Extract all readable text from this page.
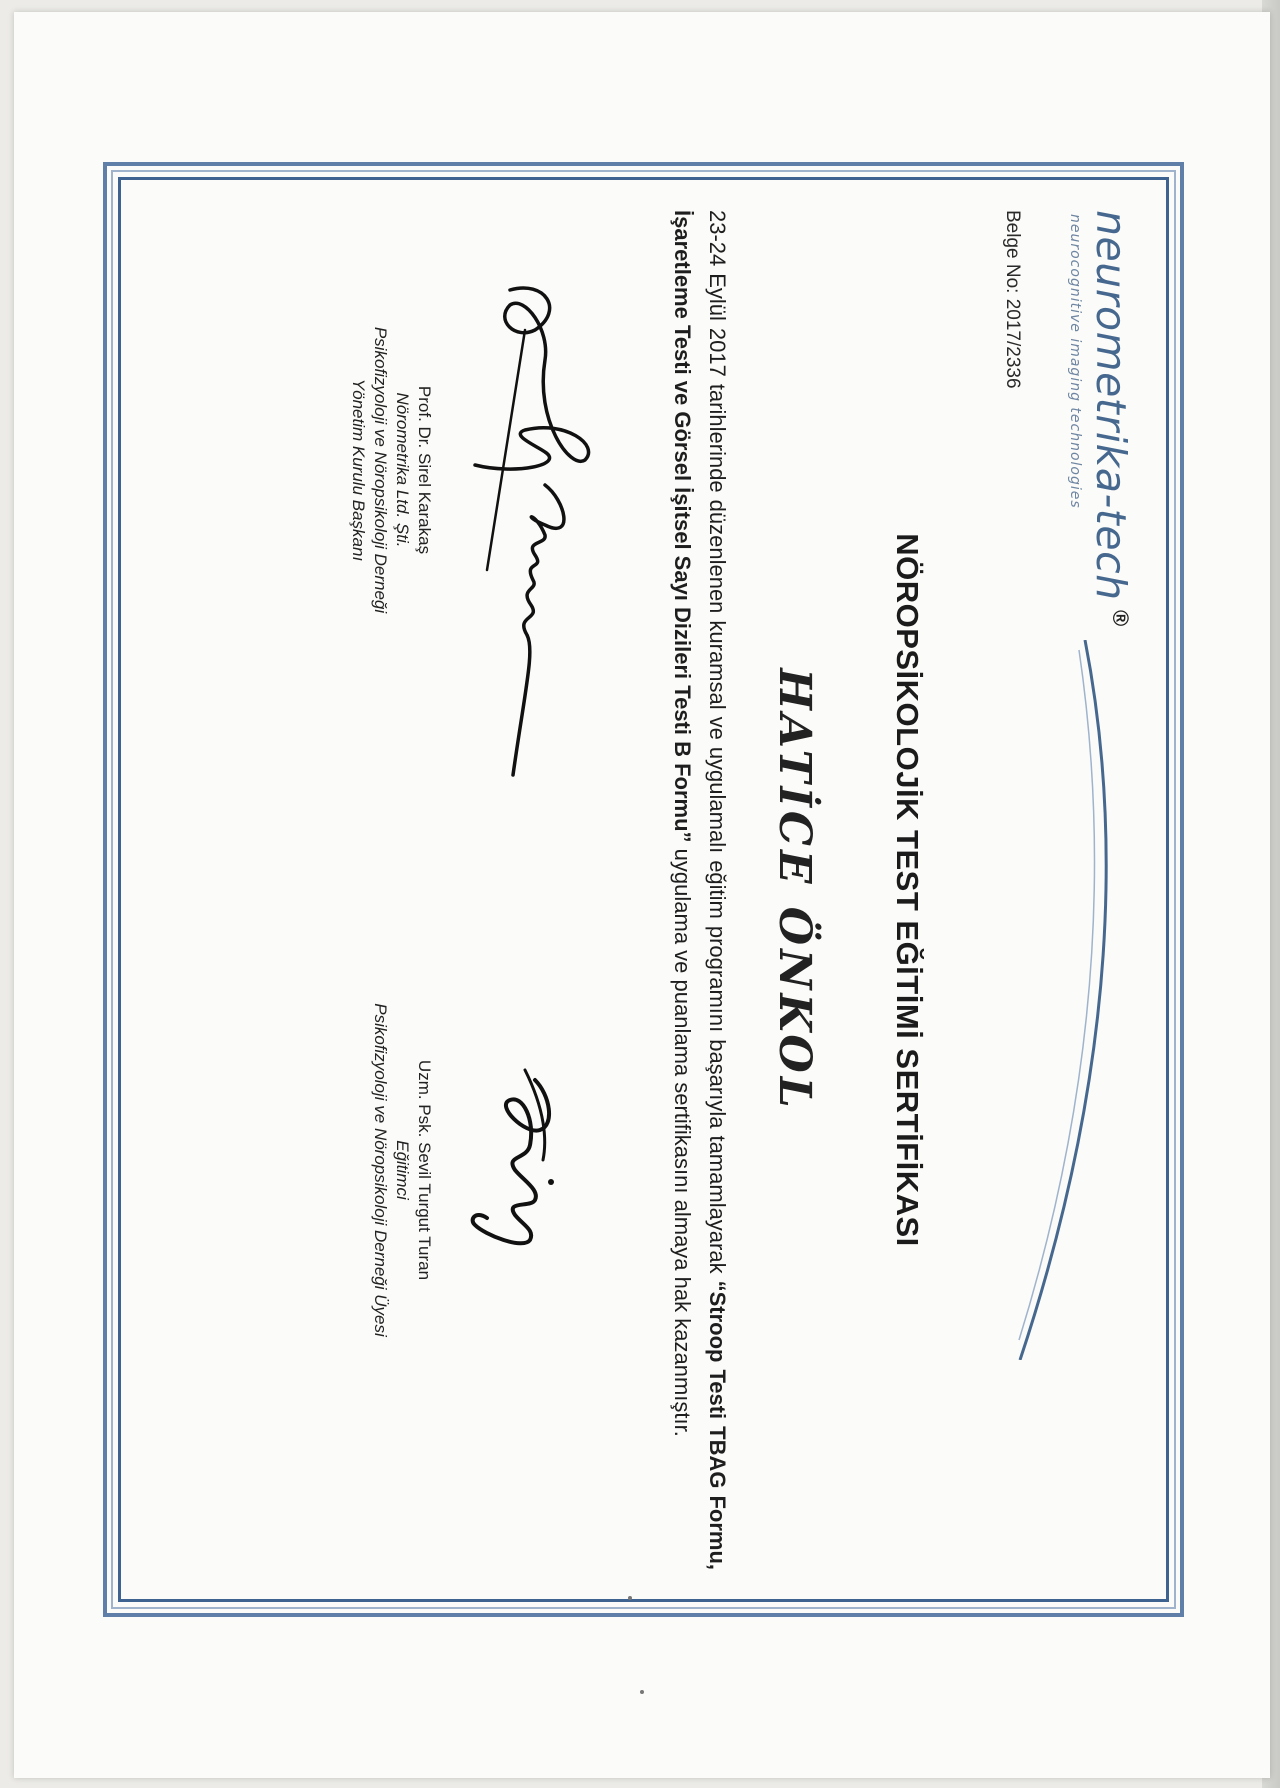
neurometrika-tech
®
neurocognitive imaging technologies
Belge No: 2017/2336
NÖROPSİKOLOJİK TEST EĞİTİMİ SERTİFİKASI
HATİCE ÖNKOL
23-24 Eylül 2017 tarihlerinde düzenlenen kuramsal ve uygulamalı eğitim programını başarıyla tamamlayarak “Stroop Testi TBAG Formu, İşaretleme Testi ve Görsel İşitsel Sayı Dizileri Testi B Formu” uygulama ve puanlama sertifikasını almaya hak kazanmıştır.
Prof. Dr. Sirel Karakaş
Nörometrika Ltd. Şti.
Psikofizyoloji ve Nöropsikoloji Derneği
Yönetim Kurulu Başkanı
Uzm. Psk. Sevil Turgut Turan
Eğitimci
Psikofizyoloji ve Nöropsikoloji Derneği Üyesi
